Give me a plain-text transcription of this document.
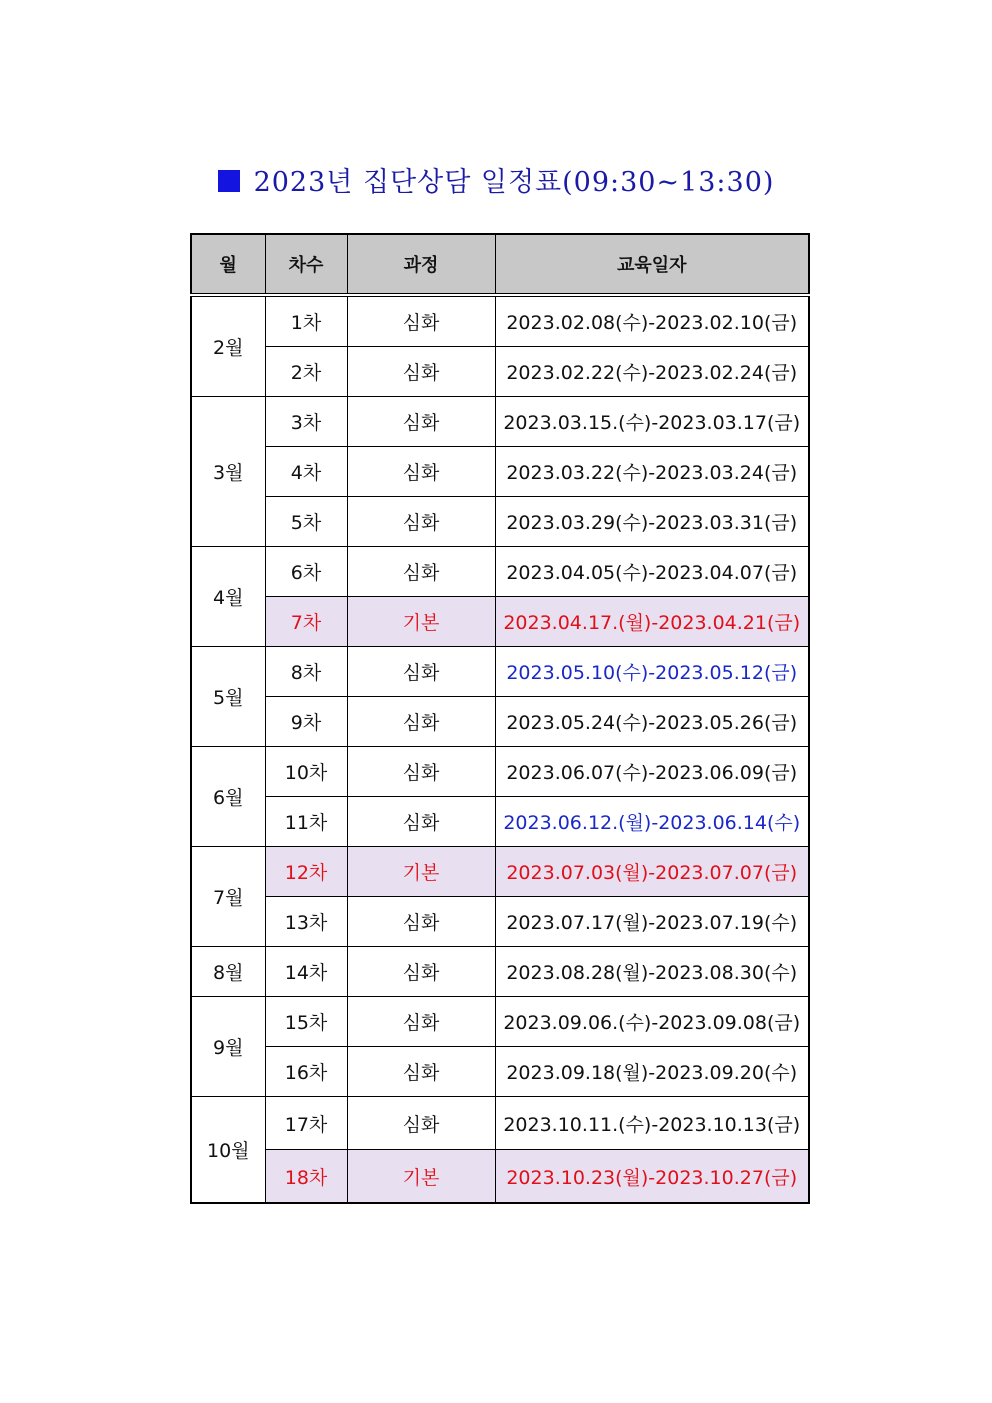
2023년 집단상담 일정표(09:30~13:30)
월	차수	과정	교육일자
2월	1차	심화	2023.02.08(수)-2023.02.10(금)
	2차	심화	2023.02.22(수)-2023.02.24(금)
3월	3차	심화	2023.03.15.(수)-2023.03.17(금)
	4차	심화	2023.03.22(수)-2023.03.24(금)
	5차	심화	2023.03.29(수)-2023.03.31(금)
4월	6차	심화	2023.04.05(수)-2023.04.07(금)
	7차	기본	2023.04.17.(월)-2023.04.21(금)
5월	8차	심화	2023.05.10(수)-2023.05.12(금)
	9차	심화	2023.05.24(수)-2023.05.26(금)
6월	10차	심화	2023.06.07(수)-2023.06.09(금)
	11차	심화	2023.06.12.(월)-2023.06.14(수)
7월	12차	기본	2023.07.03(월)-2023.07.07(금)
	13차	심화	2023.07.17(월)-2023.07.19(수)
8월	14차	심화	2023.08.28(월)-2023.08.30(수)
9월	15차	심화	2023.09.06.(수)-2023.09.08(금)
	16차	심화	2023.09.18(월)-2023.09.20(수)
10월	17차	심화	2023.10.11.(수)-2023.10.13(금)
	18차	기본	2023.10.23(월)-2023.10.27(금)
